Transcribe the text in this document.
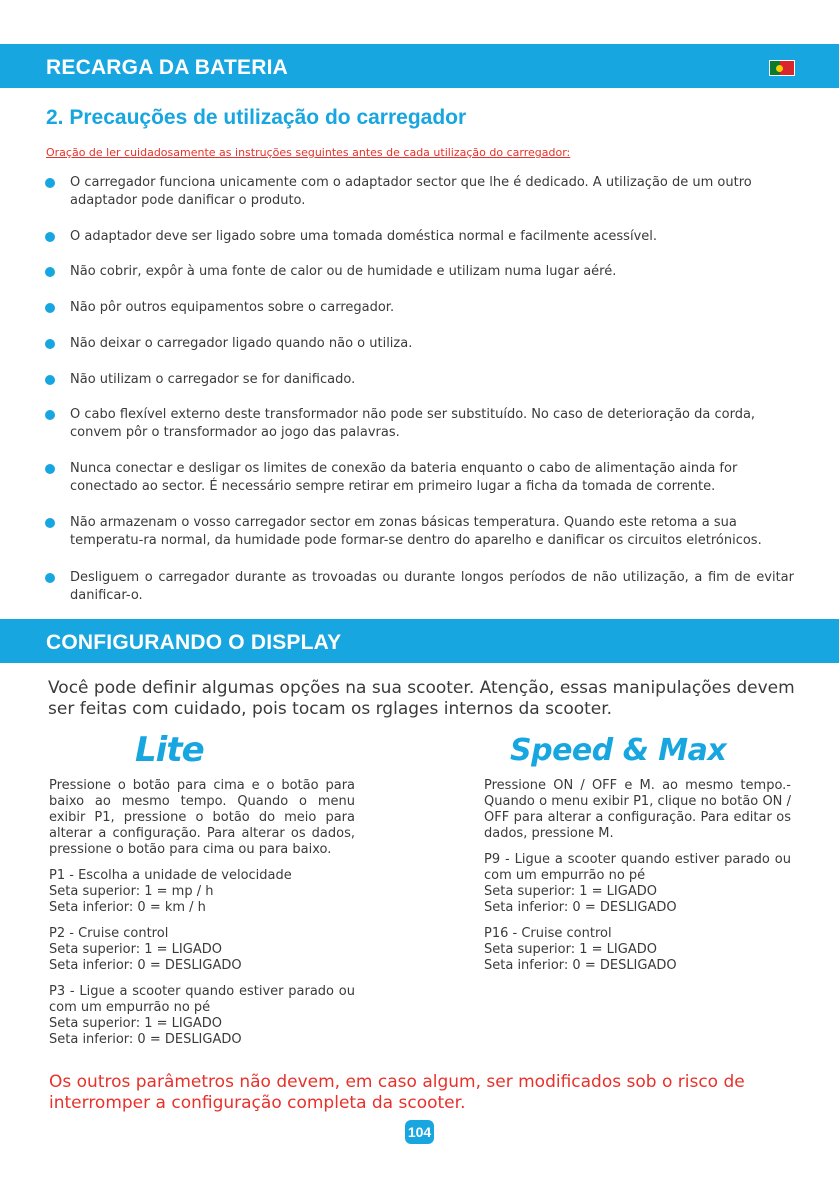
RECARGA DA BATERIA
2. Precauções de utilização do carregador
Oração de ler cuidadosamente as instruções seguintes antes de cada utilização do carregador:
O carregador funciona unicamente com o adaptador sector que lhe é dedicado. A utilização de um outro adaptador pode danificar o produto.
O adaptador deve ser ligado sobre uma tomada doméstica normal e facilmente acessível.
Não cobrir, expôr à uma fonte de calor ou de humidade e utilizam numa lugar aéré.
Não pôr outros equipamentos sobre o carregador.
Não deixar o carregador ligado quando não o utiliza.
Não utilizam o carregador se for danificado.
O cabo flexível externo deste transformador não pode ser substituído. No caso de deterioração da corda, convem pôr o transformador ao jogo das palavras.
Nunca conectar e desligar os limites de conexão da bateria enquanto o cabo de alimentação ainda for conectado ao sector. É necessário sempre retirar em primeiro lugar a ficha da tomada de corrente.
Não armazenam o vosso carregador sector em zonas básicas temperatura. Quando este retoma a sua temperatu-ra normal, da humidade pode formar-se dentro do aparelho e danificar os circuitos eletrónicos.
Desliguem o carregador durante as trovoadas ou durante longos períodos de não utilização, a fim de evitar danificar-o.
CONFIGURANDO O DISPLAY
Você pode definir algumas opções na sua scooter. Atenção, essas manipulações devem ser feitas com cuidado, pois tocam os rglages internos da scooter.
Lite	Speed & Max
Pressione o botão para cima e o botão para baixo ao mesmo tempo. Quando o menu exibir P1, pressione o botão do meio para alterar a configuração. Para alterar os dados, pressione o botão para cima ou para baixo.
P1 - Escolha a unidade de velocidade
Seta superior: 1 = mp / h
Seta inferior: 0 = km / h
P2 - Cruise control
Seta superior: 1 = LIGADO
Seta inferior: 0 = DESLIGADO
P3 - Ligue a scooter quando estiver parado ou com um empurrão no pé
Seta superior: 1 = LIGADO
Seta inferior: 0 = DESLIGADO
Pressione ON / OFF e M. ao mesmo tempo.- Quando o menu exibir P1, clique no botão ON / OFF para alterar a configuração. Para editar os dados, pressione M.
P9 - Ligue a scooter quando estiver parado ou com um empurrão no pé
Seta superior: 1 = LIGADO
Seta inferior: 0 = DESLIGADO
P16 - Cruise control
Seta superior: 1 = LIGADO
Seta inferior: 0 = DESLIGADO
Os outros parâmetros não devem, em caso algum, ser modificados sob o risco de interromper a configuração completa da scooter.
104
